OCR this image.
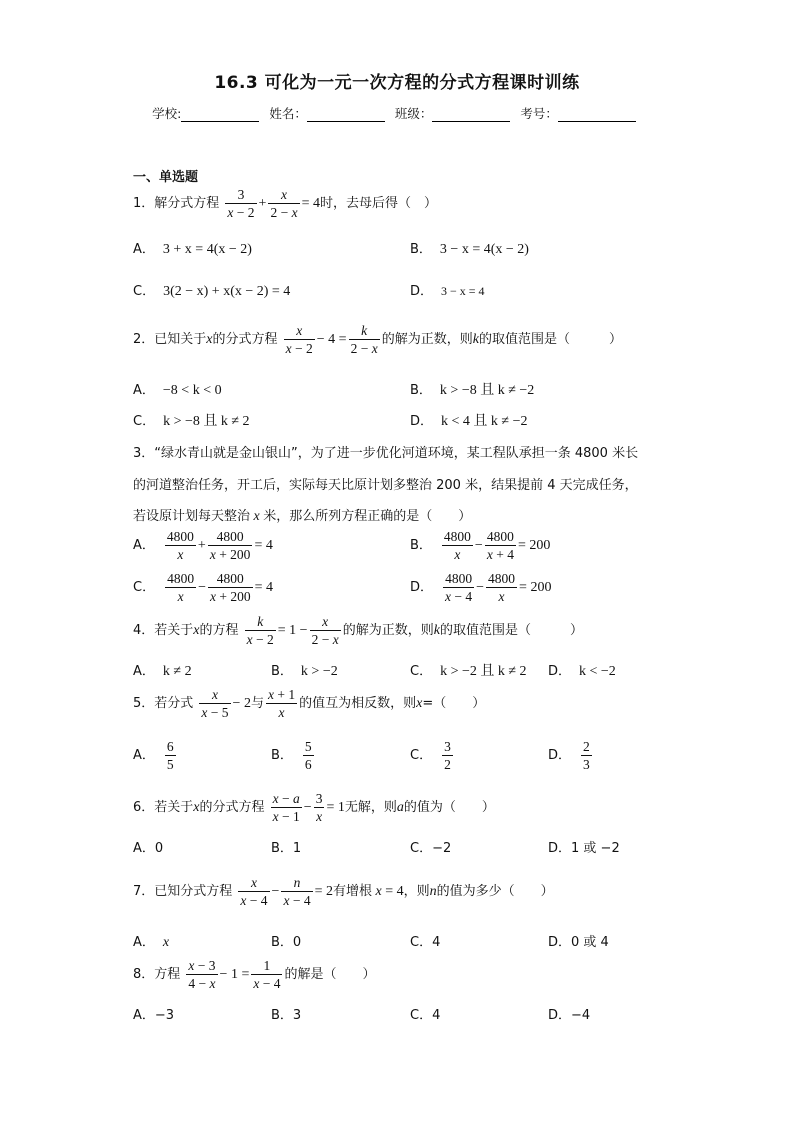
16.3 可化为一元一次方程的分式方程课时训练
学校:	姓名：	班级：	考号：
一、单选题
1．解分式方程 $\frac{3}{x - 2} + \frac{x}{2 - x} = 4$时，去母后得（　）
A． 3 + x = 4(x − 2)	B． 3 − x = 4(x − 2)
C． 3(2 − x) + x(x − 2) = 4	D． 3 − x = 4
2．已知关于x的分式方程 $\frac{x}{x - 2} - 4 = \frac{k}{2 - x}$ 的解为正数，则k的取值范围是（　　　）
A． −8 < k < 0	B． k > −8 且 k ≠ −2
C． k > −8 且 k ≠ 2	D． k < 4 且 k ≠ −2
3．“绿水青山就是金山银山”，为了进一步优化河道环境，某工程队承担一条 4800 米长
的河道整治任务，开工后，实际每天比原计划多整治 200 米，结果提前 4 天完成任务，
若设原计划每天整治 x 米，那么所列方程正确的是（　　）
A． $\frac{4800}{x} + \frac{4800}{x + 200} = 4$	B． $\frac{4800}{x} - \frac{4800}{x + 4} = 200$
C． $\frac{4800}{x} - \frac{4800}{x + 200} = 4$	D． $\frac{4800}{x - 4} - \frac{4800}{x} = 200$
4．若关于x的方程 $\frac{k}{x - 2} = 1 - \frac{x}{2 - x}$ 的解为正数，则k的取值范围是（　　　）
A． k ≠ 2	B． k > −2	C． k > −2 且 k ≠ 2 D． k < −2
5．若分式 $\frac{x}{x - 5} - 2$与 $\frac{x + 1}{x}$ 的值互为相反数，则x=（　　）
A． $\frac{6}{5}$	B． $\frac{5}{6}$	C． $\frac{3}{2}$	D． $\frac{2}{3}$
6．若关于x的分式方程 $\frac{x - a}{x - 1} - \frac{3}{x} = 1$无解，则a的值为（　　）
A．0	B．1	C．−2	D．1 或 −2
7．已知分式方程 $\frac{x}{x - 4} - \frac{n}{x - 4} = 2$有增根 x = 4，则n的值为多少（　　）
A． x	B．0	C．4	D．0 或 4
8．方程 $\frac{x - 3}{4 - x} - 1 = \frac{1}{x - 4}$ 的解是（　　）
A．−3	B．3	C．4	D．−4
